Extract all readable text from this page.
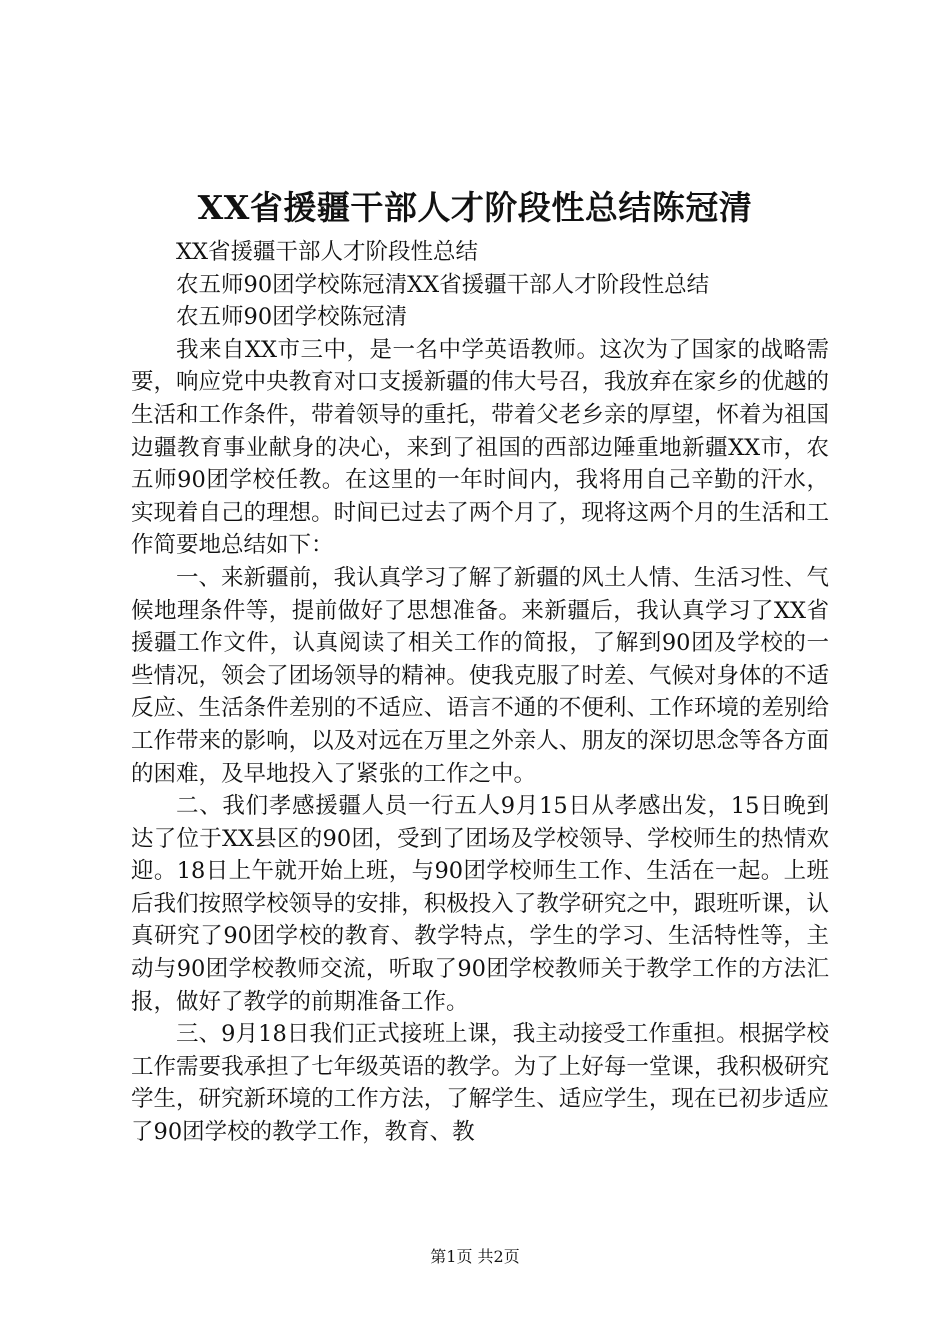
XX省援疆干部人才阶段性总结陈冠清

XX省援疆干部人才阶段性总结

农五师90团学校陈冠清XX省援疆干部人才阶段性总结

农五师90团学校陈冠清

我来自XX市三中，是一名中学英语教师。这次为了国家的战略需要，响应党中央教育对口支援新疆的伟大号召，我放弃在家乡的优越的生活和工作条件，带着领导的重托，带着父老乡亲的厚望，怀着为祖国边疆教育事业献身的决心，来到了祖国的西部边陲重地新疆XX市，农五师90团学校任教。在这里的一年时间内，我将用自己辛勤的汗水，实现着自己的理想。时间已过去了两个月了，现将这两个月的生活和工作简要地总结如下：

一、来新疆前，我认真学习了解了新疆的风土人情、生活习性、气候地理条件等，提前做好了思想准备。来新疆后，我认真学习了XX省援疆工作文件，认真阅读了相关工作的简报，了解到90团及学校的一些情况，领会了团场领导的精神。使我克服了时差、气候对身体的不适反应、生活条件差别的不适应、语言不通的不便利、工作环境的差别给工作带来的影响，以及对远在万里之外亲人、朋友的深切思念等各方面的困难，及早地投入了紧张的工作之中。

二、我们孝感援疆人员一行五人9月15日从孝感出发，15日晚到达了位于XX县区的90团，受到了团场及学校领导、学校师生的热情欢迎。18日上午就开始上班，与90团学校师生工作、生活在一起。上班后我们按照学校领导的安排，积极投入了教学研究之中，跟班听课，认真研究了90团学校的教育、教学特点，学生的学习、生活特性等，主动与90团学校教师交流，听取了90团学校教师关于教学工作的方法汇报，做好了教学的前期准备工作。

三、9月18日我们正式接班上课，我主动接受工作重担。根据学校工作需要我承担了七年级英语的教学。为了上好每一堂课，我积极研究学生，研究新环境的工作方法，了解学生、适应学生，现在已初步适应了90团学校的教学工作，教育、教

第1页 共2页
